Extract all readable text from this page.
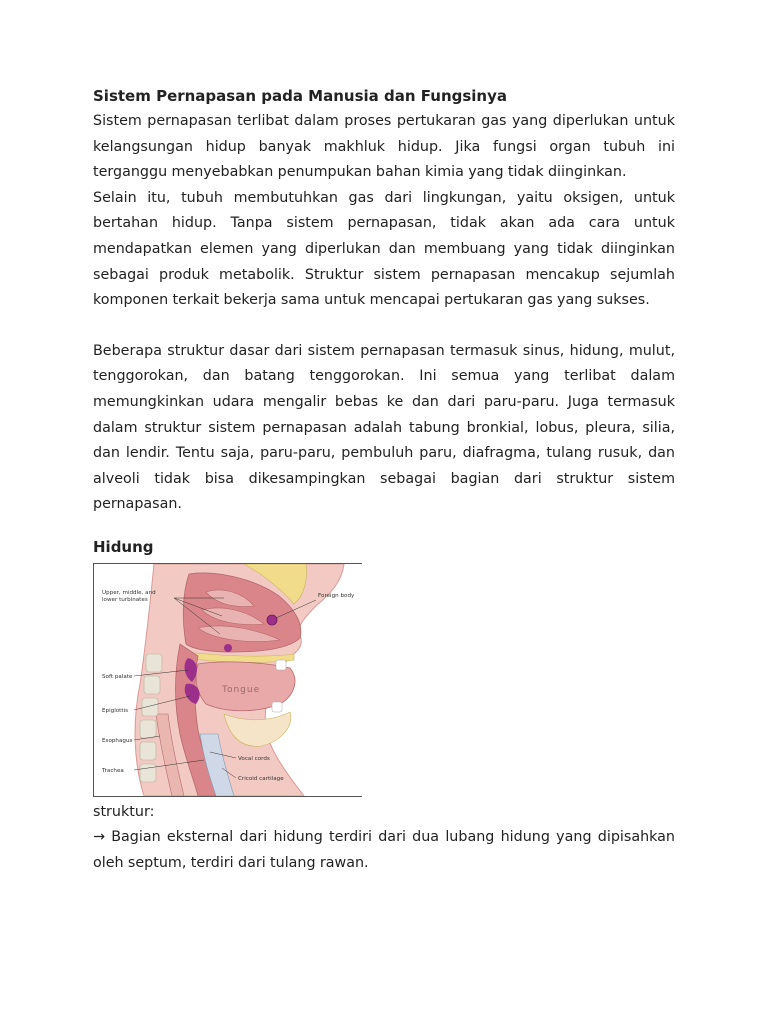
Sistem Pernapasan pada Manusia dan Fungsinya

Sistem pernapasan terlibat dalam proses pertukaran gas yang diperlukan untuk kelangsungan hidup banyak makhluk hidup. Jika fungsi organ tubuh ini terganggu menyebabkan penumpukan bahan kimia yang tidak diinginkan.

Selain itu, tubuh membutuhkan gas dari lingkungan, yaitu oksigen, untuk bertahan hidup. Tanpa sistem pernapasan, tidak akan ada cara untuk mendapatkan elemen yang diperlukan dan membuang yang tidak diinginkan sebagai produk metabolik. Struktur sistem pernapasan mencakup sejumlah komponen terkait bekerja sama untuk mencapai pertukaran gas yang sukses.

Beberapa struktur dasar dari sistem pernapasan termasuk sinus, hidung, mulut, tenggorokan, dan batang tenggorokan. Ini semua yang terlibat dalam memungkinkan udara mengalir bebas ke dan dari paru-paru. Juga termasuk dalam struktur sistem pernapasan adalah tabung bronkial, lobus, pleura, silia, dan lendir. Tentu saja, paru-paru, pembuluh paru, diafragma, tulang rusuk, dan alveoli tidak bisa dikesampingkan sebagai bagian dari struktur sistem pernapasan.

Hidung

Tongue
Upper, middle, and
lower turbinates
Foreign body
Soft palate
Epiglottis
Esophagus
Trachea
Vocal cords
Cricoid cartilage

struktur:

→ Bagian eksternal dari hidung terdiri dari dua lubang hidung yang dipisahkan oleh septum, terdiri dari tulang rawan.
